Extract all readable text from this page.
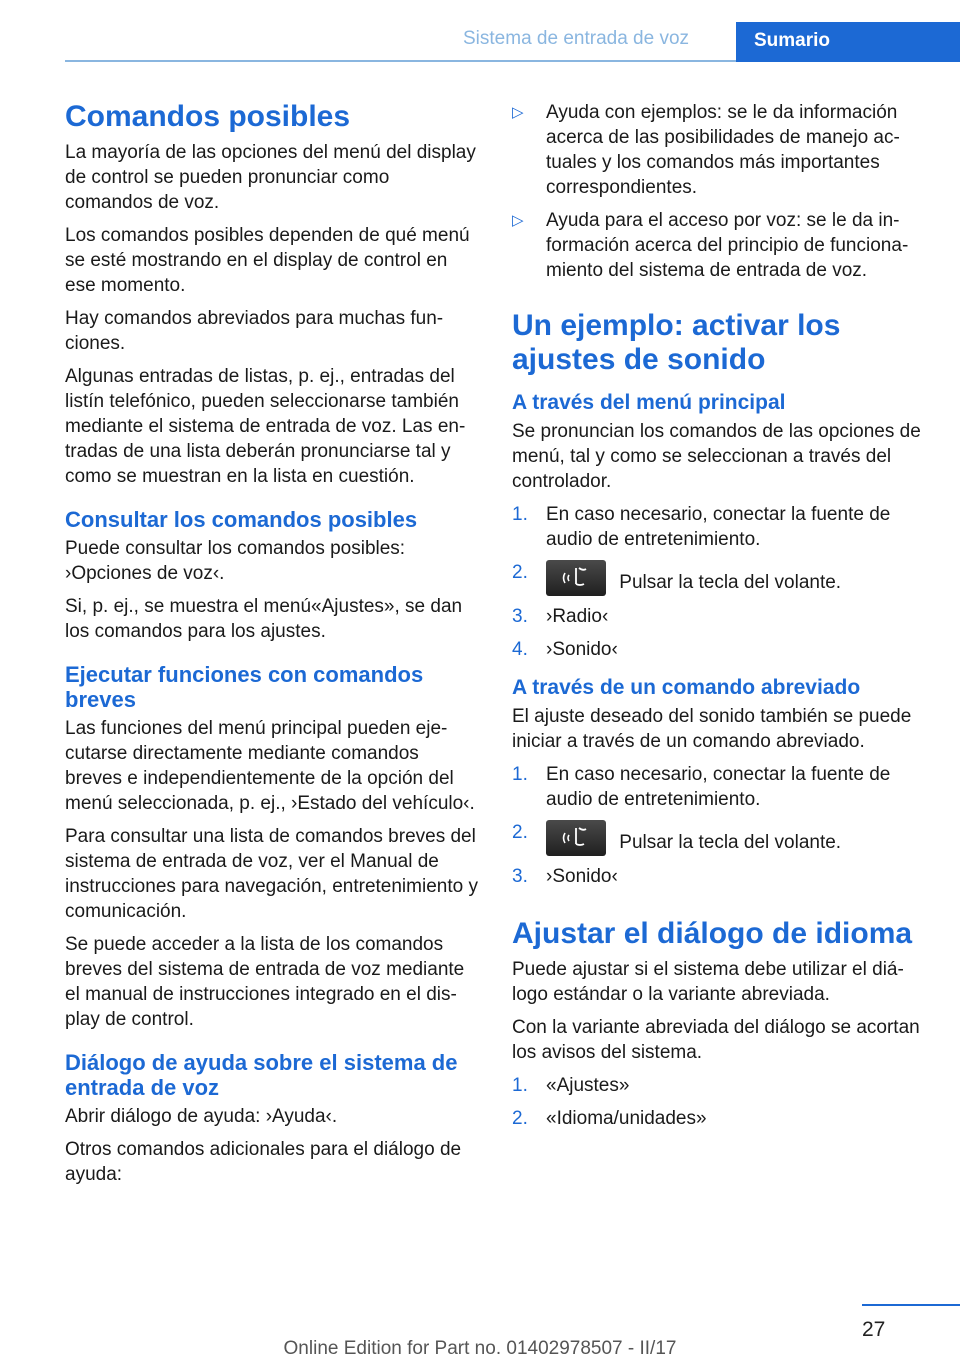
Sistema de entrada de voz	Sumario
Comandos posibles
La mayoría de las opciones del menú del display de control se pueden pronunciar como comandos de voz.
Los comandos posibles dependen de qué menú se esté mostrando en el display de control en ese momento.
Hay comandos abreviados para muchas funciones.
Algunas entradas de listas, p. ej., entradas del listín telefónico, pueden seleccionarse también mediante el sistema de entrada de voz. Las entradas de una lista deberán pronunciarse tal y como se muestran en la lista en cuestión.
Consultar los comandos posibles
Puede consultar los comandos posibles: ›Opciones de voz‹.
Si, p. ej., se muestra el menú«Ajustes», se dan los comandos para los ajustes.
Ejecutar funciones con comandos breves
Las funciones del menú principal pueden ejecutarse directamente mediante comandos breves e independientemente de la opción del menú seleccionada, p. ej., ›Estado del vehículo‹.
Para consultar una lista de comandos breves del sistema de entrada de voz, ver el Manual de instrucciones para navegación, entretenimiento y comunicación.
Se puede acceder a la lista de los comandos breves del sistema de entrada de voz mediante el manual de instrucciones integrado en el display de control.
Diálogo de ayuda sobre el sistema de entrada de voz
Abrir diálogo de ayuda: ›Ayuda‹.
Otros comandos adicionales para el diálogo de ayuda:
▷ Ayuda con ejemplos: se le da información acerca de las posibilidades de manejo actuales y los comandos más importantes correspondientes.
▷ Ayuda para el acceso por voz: se le da información acerca del principio de funcionamiento del sistema de entrada de voz.
Un ejemplo: activar los ajustes de sonido
A través del menú principal
Se pronuncian los comandos de las opciones de menú, tal y como se seleccionan a través del controlador.
1. En caso necesario, conectar la fuente de audio de entretenimiento.
2.	Pulsar la tecla del volante.
3. ›Radio‹
4. ›Sonido‹
A través de un comando abreviado
El ajuste deseado del sonido también se puede iniciar a través de un comando abreviado.
1. En caso necesario, conectar la fuente de audio de entretenimiento.
2.	Pulsar la tecla del volante.
3. ›Sonido‹
Ajustar el diálogo de idioma
Puede ajustar si el sistema debe utilizar el diálogo estándar o la variante abreviada.
Con la variante abreviada del diálogo se acortan los avisos del sistema.
1. «Ajustes»
2. «Idioma/unidades»
27
Online Edition for Part no. 01402978507 - II/17
